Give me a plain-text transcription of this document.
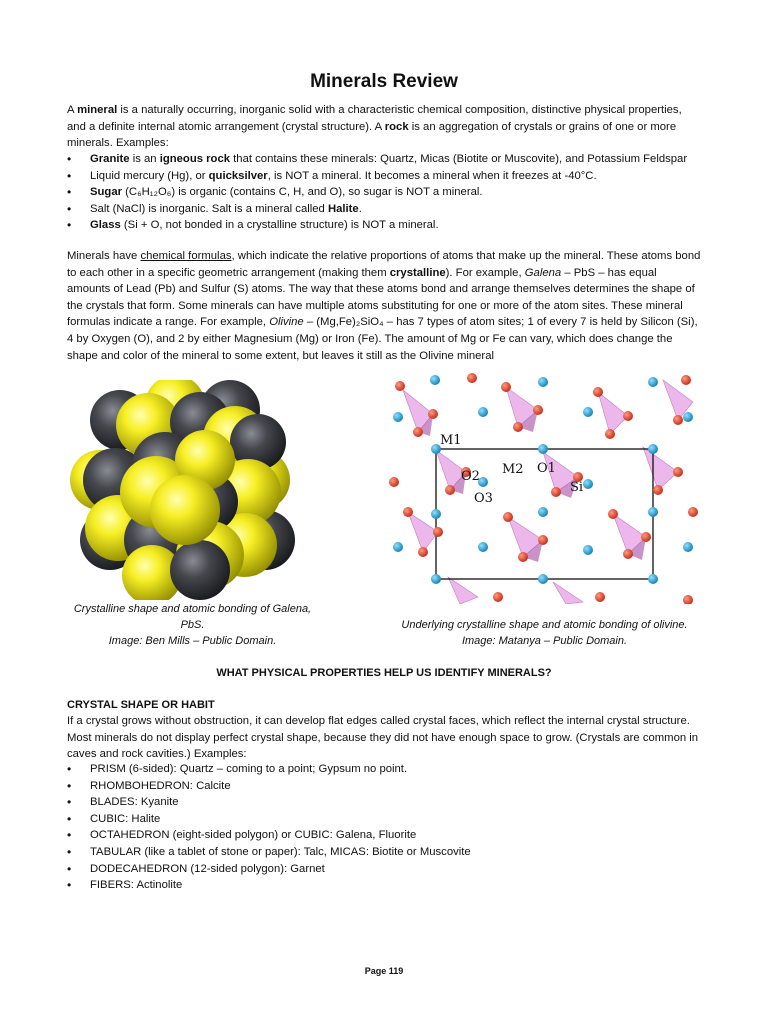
Minerals Review

A mineral is a naturally occurring, inorganic solid with a characteristic chemical composition, distinctive physical properties, and a definite internal atomic arrangement (crystal structure). A rock is an aggregation of crystals or grains of one or more minerals. Examples:

• Granite is an igneous rock that contains these minerals: Quartz, Micas (Biotite or Muscovite), and Potassium Feldspar
• Liquid mercury (Hg), or quicksilver, is NOT a mineral. It becomes a mineral when it freezes at -40°C.
• Sugar (C₆H₁₂O₆) is organic (contains C, H, and O), so sugar is NOT a mineral.
• Salt (NaCl) is inorganic. Salt is a mineral called Halite.
• Glass (Si + O, not bonded in a crystalline structure) is NOT a mineral.

Minerals have chemical formulas, which indicate the relative proportions of atoms that make up the mineral. These atoms bond to each other in a specific geometric arrangement (making them crystalline). For example, Galena – PbS – has equal amounts of Lead (Pb) and Sulfur (S) atoms. The way that these atoms bond and arrange themselves determines the shape of the crystals that form. Some minerals can have multiple atoms substituting for one or more of the atom sites. These mineral formulas indicate a range. For example, Olivine – (Mg,Fe)₂SiO₄ – has 7 types of atom sites; 1 of every 7 is held by Silicon (Si), 4 by Oxygen (O), and 2 by either Magnesium (Mg) or Iron (Fe). The amount of Mg or Fe can vary, which does change the shape and color of the mineral to some extent, but leaves it still as the Olivine mineral

WHAT PHYSICAL PROPERTIES HELP US IDENTIFY MINERALS?
CRYSTAL SHAPE OR HABIT

If a crystal grows without obstruction, it can develop flat edges called crystal faces, which reflect the internal crystal structure. Most minerals do not display perfect crystal shape, because they did not have enough space to grow. (Crystals are common in caves and rock cavities.) Examples:

• PRISM (6-sided): Quartz – coming to a point; Gypsum no point.
• RHOMBOHEDRON: Calcite
• BLADES: Kyanite
• CUBIC: Halite
• OCTAHEDRON (eight-sided polygon) or CUBIC: Galena, Fluorite
• TABULAR (like a tablet of stone or paper): Talc, MICAS: Biotite or Muscovite
• DODECAHEDRON (12-sided polygon): Garnet
• FIBERS: Actinolite
M1
O2
O3
M2 O1
Si
Crystalline shape and atomic bonding of Galena, PbS.
Image: Ben Mills – Public Domain.
Underlying crystalline shape and atomic bonding of olivine.
Image: Matanya – Public Domain.
Page 119
